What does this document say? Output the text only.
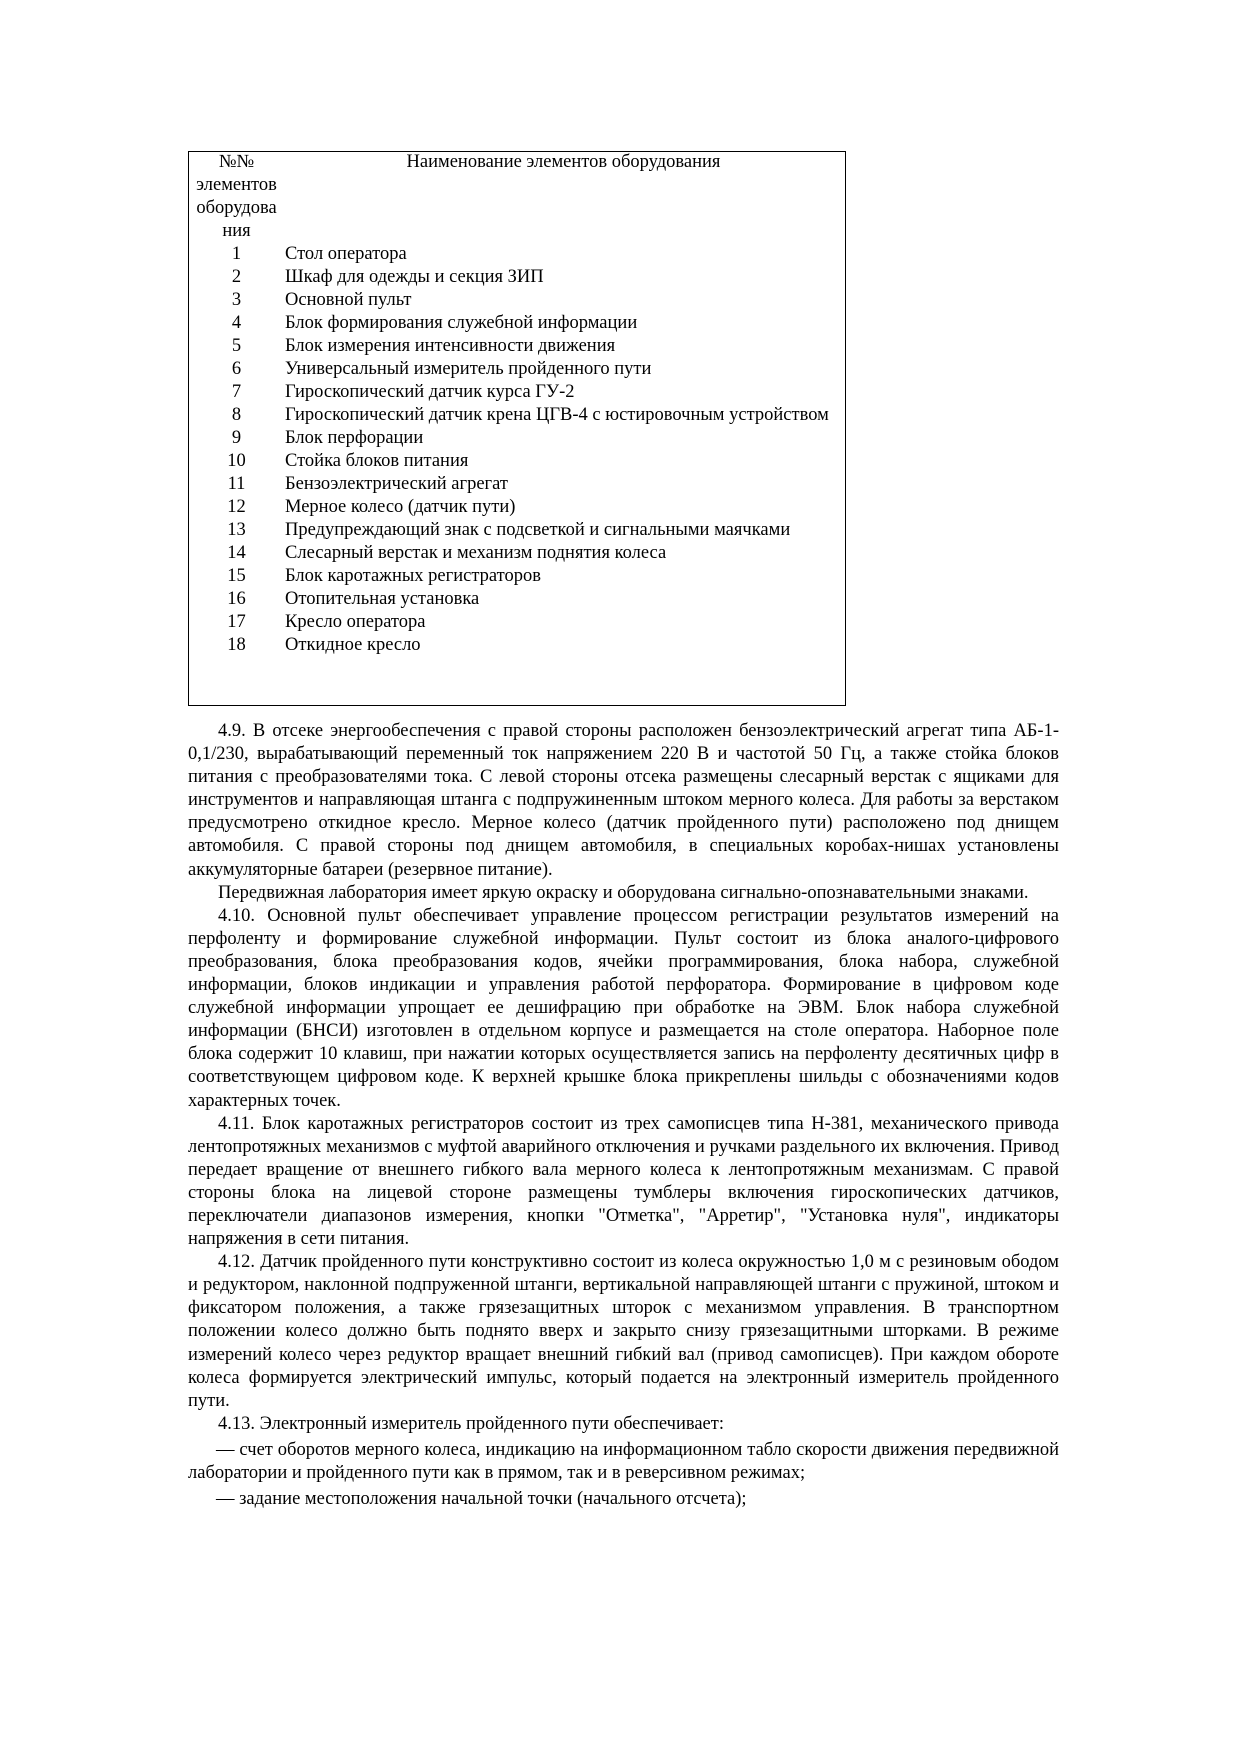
№№ элементов оборудова ния	Наименование элементов оборудования
1	Стол оператора
2	Шкаф для одежды и секция ЗИП
3	Основной пульт
4	Блок формирования служебной информации
5	Блок измерения интенсивности движения
6	Универсальный измеритель пройденного пути
7	Гироскопический датчик курса ГУ-2
8	Гироскопический датчик крена ЦГВ-4 с юстировочным устройством
9	Блок перфорации
10	Стойка блоков питания
11	Бензоэлектрический агрегат
12	Мерное колесо (датчик пути)
13	Предупреждающий знак с подсветкой и сигнальными маячками
14	Слесарный верстак и механизм поднятия колеса
15	Блок каротажных регистраторов
16	Отопительная установка
17	Кресло оператора
18	Откидное кресло

4.9. В отсеке энергообеспечения с правой стороны расположен бензоэлектрический агрегат типа АБ-1-0,1/230, вырабатывающий переменный ток напряжением 220 В и частотой 50 Гц, а также стойка блоков питания с преобразователями тока. С левой стороны отсека размещены слесарный верстак с ящиками для инструментов и направляющая штанга с подпружиненным штоком мерного колеса. Для работы за верстаком предусмотрено откидное кресло. Мерное колесо (датчик пройденного пути) расположено под днищем автомобиля. С правой стороны под днищем автомобиля, в специальных коробах-нишах установлены аккумуляторные батареи (резервное питание).

Передвижная лаборатория имеет яркую окраску и оборудована сигнально-опознавательными знаками.

4.10. Основной пульт обеспечивает управление процессом регистрации результатов измерений на перфоленту и формирование служебной информации. Пульт состоит из блока аналого-цифрового преобразования, блока преобразования кодов, ячейки программирования, блока набора, служебной информации, блоков индикации и управления работой перфоратора. Формирование в цифровом коде служебной информации упрощает ее дешифрацию при обработке на ЭВМ. Блок набора служебной информации (БНСИ) изготовлен в отдельном корпусе и размещается на столе оператора. Наборное поле блока содержит 10 клавиш, при нажатии которых осуществляется запись на перфоленту десятичных цифр в соответствующем цифровом коде. К верхней крышке блока прикреплены шильды с обозначениями кодов характерных точек.

4.11. Блок каротажных регистраторов состоит из трех самописцев типа Н-381, механического привода лентопротяжных механизмов с муфтой аварийного отключения и ручками раздельного их включения. Привод передает вращение от внешнего гибкого вала мерного колеса к лентопротяжным механизмам. С правой стороны блока на лицевой стороне размещены тумблеры включения гироскопических датчиков, переключатели диапазонов измерения, кнопки "Отметка", "Арретир", "Установка нуля", индикаторы напряжения в сети питания.

4.12. Датчик пройденного пути конструктивно состоит из колеса окружностью 1,0 м с резиновым ободом и редуктором, наклонной подпруженной штанги, вертикальной направляющей штанги с пружиной, штоком и фиксатором положения, а также грязезащитных шторок с механизмом управления. В транспортном положении колесо должно быть поднято вверх и закрыто снизу грязезащитными шторками. В режиме измерений колесо через редуктор вращает внешний гибкий вал (привод самописцев). При каждом обороте колеса формируется электрический импульс, который подается на электронный измеритель пройденного пути.

4.13. Электронный измеритель пройденного пути обеспечивает:

— счет оборотов мерного колеса, индикацию на информационном табло скорости движения передвижной лаборатории и пройденного пути как в прямом, так и в реверсивном режимах;

— задание местоположения начальной точки (начального отсчета);
